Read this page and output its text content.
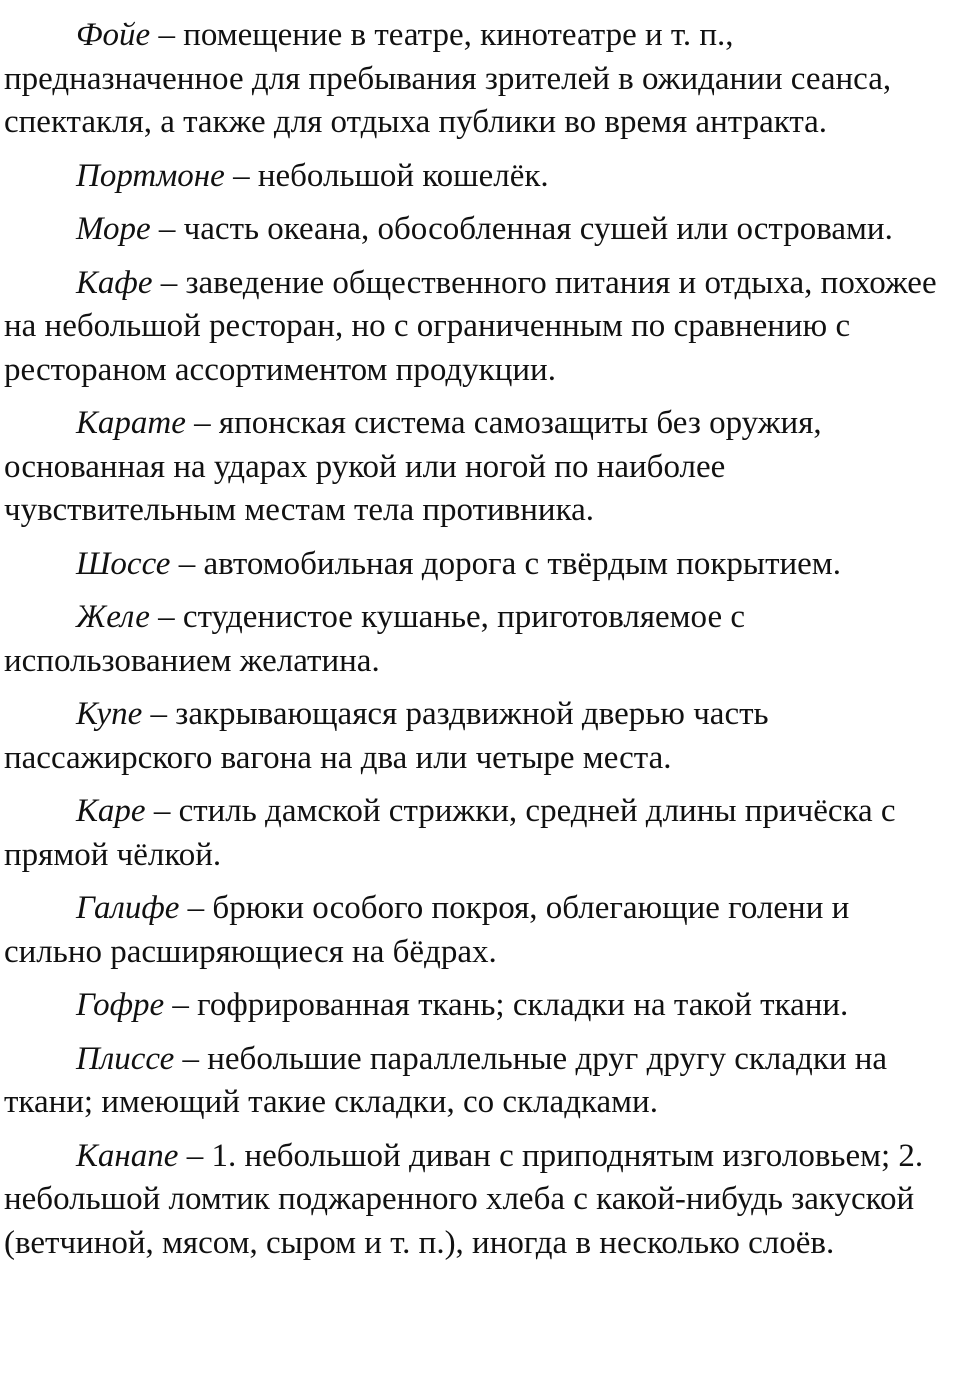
Фойе – помещение в театре, кинотеатре и т. п., предназначенное для пребывания зрителей в ожидании сеанса, спектакля, а также для отдыха публики во время антракта.

Портмоне – небольшой кошелёк.

Море – часть океана, обособленная сушей или островами.

Кафе – заведение общественного питания и отдыха, похожее на небольшой ресторан, но с ограниченным по сравнению с рестораном ассортиментом продукции.

Карате – японская система самозащиты без оружия, основанная на ударах рукой или ногой по наиболее чувствительным местам тела противника.

Шоссе – автомобильная дорога с твёрдым покрытием.

Желе – студенистое кушанье, приготовляемое с использованием желатина.

Купе – закрывающаяся раздвижной дверью часть пассажирского вагона на два или четыре места.

Каре – стиль дамской стрижки, средней длины причёска с прямой чёлкой.

Галифе – брюки особого покроя, облегающие голени и сильно расширяющиеся на бёдрах.

Гофре – гофрированная ткань; складки на такой ткани.

Плиссе – небольшие параллельные друг другу складки на ткани; имеющий такие складки, со складками.

Канапе – 1. небольшой диван с приподнятым изголовьем; 2. небольшой ломтик поджаренного хлеба с какой-нибудь закуской (ветчиной, мясом, сыром и т. п.), иногда в несколько слоёв.
